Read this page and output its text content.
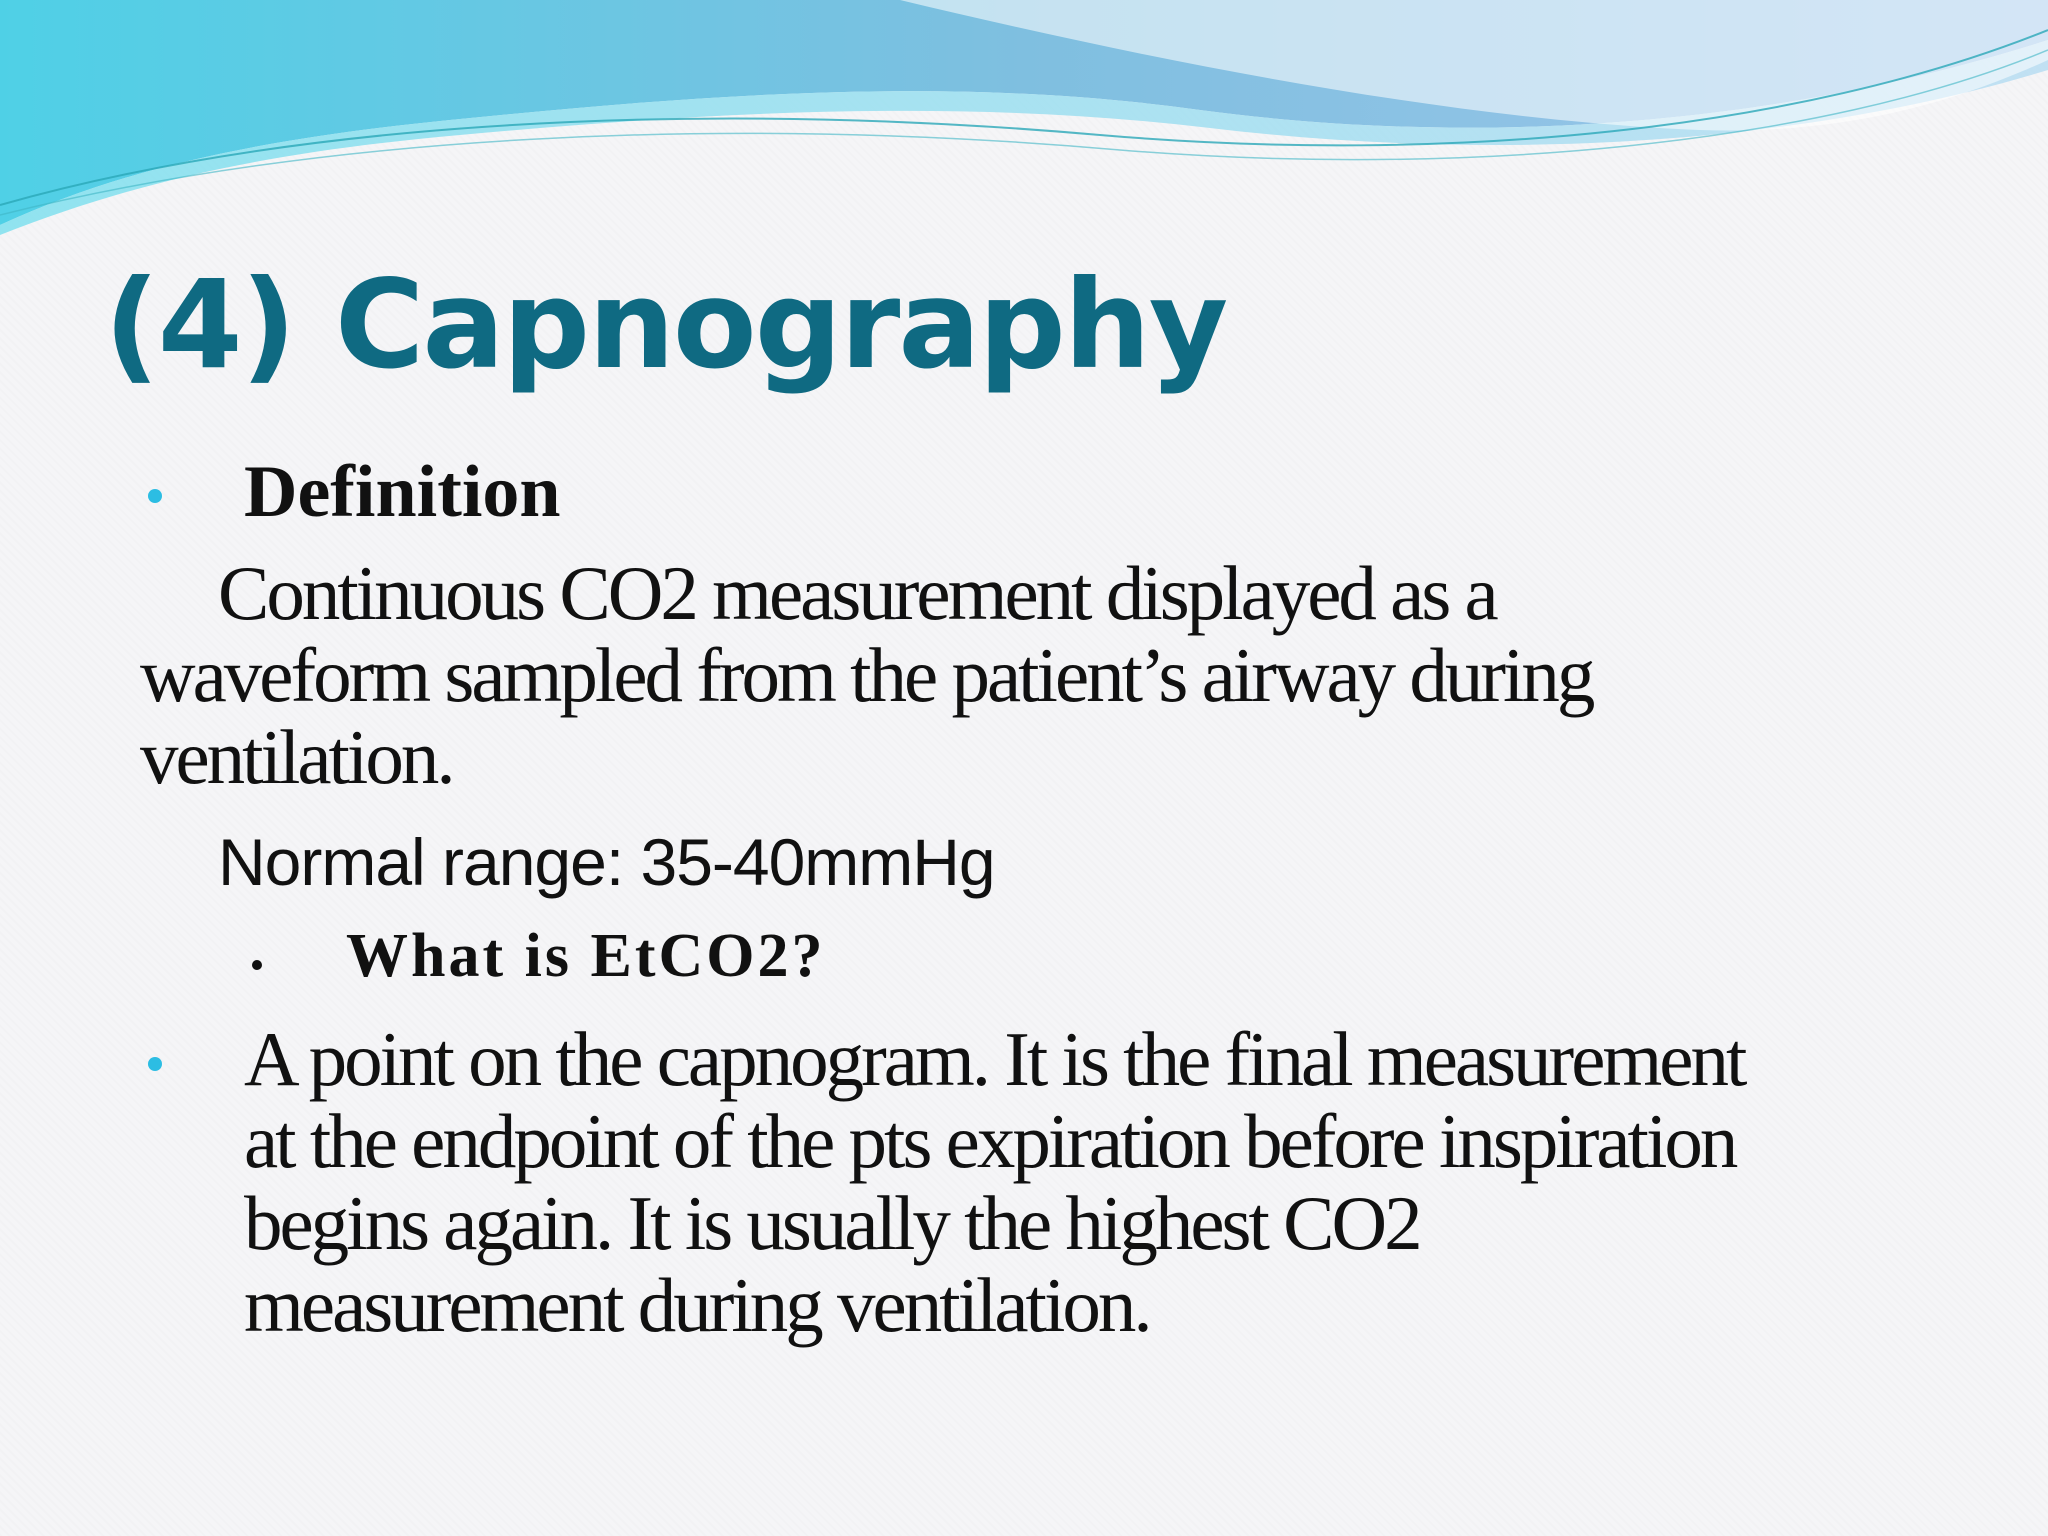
(4) Capnography
Definition
Continuous CO2 measurement displayed as a
waveform sampled from the patient’s airway during
ventilation.
Normal range: 35-40mmHg
What is EtCO2?
A point on the capnogram. It is the final measurement
at the endpoint of the pts expiration before inspiration
begins again. It is usually the highest CO2
measurement during ventilation.
